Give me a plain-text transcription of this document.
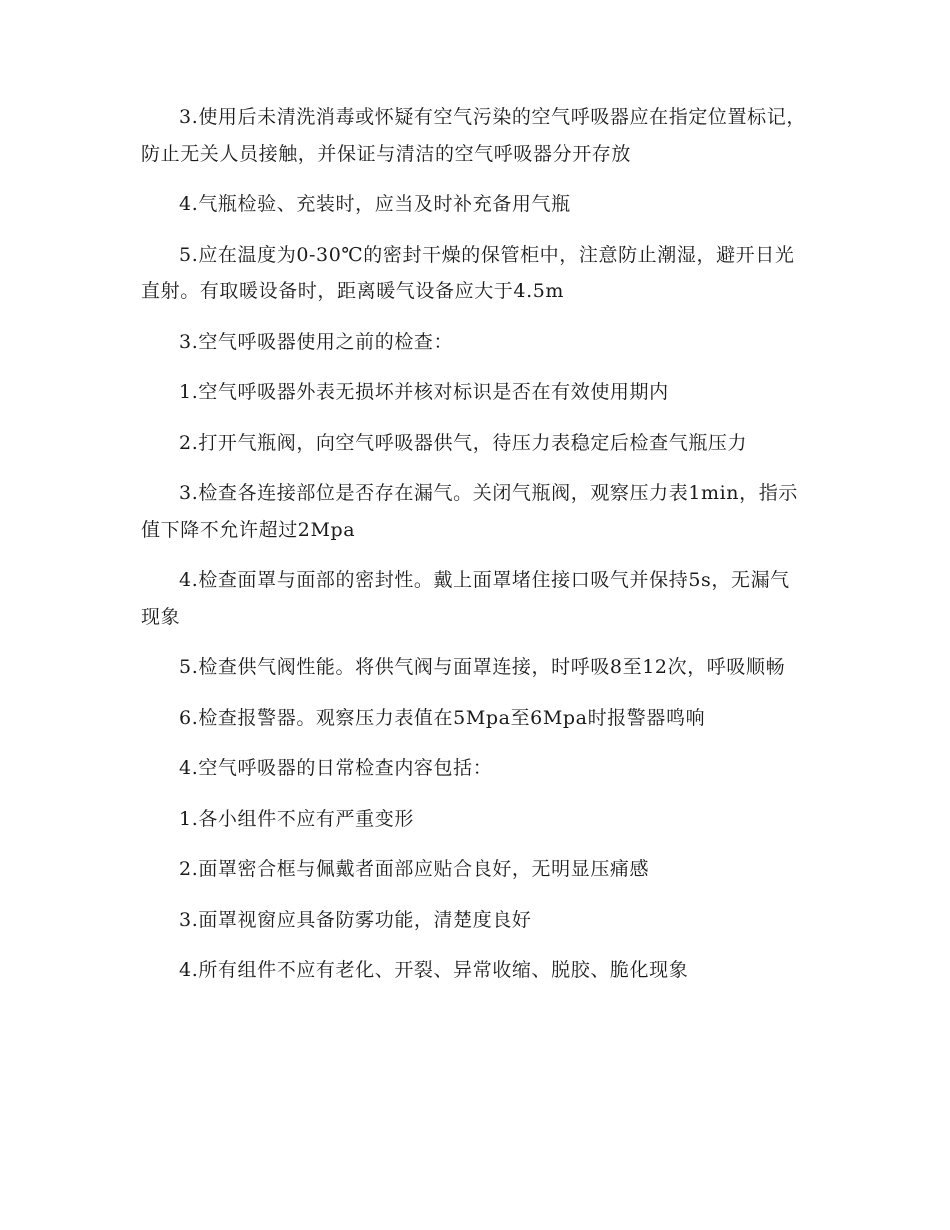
3.使用后未清洗消毒或怀疑有空气污染的空气呼吸器应在指定位置标记，防止无关人员接触，并保证与清洁的空气呼吸器分开存放

4.气瓶检验、充装时，应当及时补充备用气瓶

5.应在温度为0-30℃的密封干燥的保管柜中，注意防止潮湿，避开日光直射。有取暖设备时，距离暖气设备应大于4.5m

3.空气呼吸器使用之前的检查：

1.空气呼吸器外表无损坏并核对标识是否在有效使用期内

2.打开气瓶阀，向空气呼吸器供气，待压力表稳定后检查气瓶压力

3.检查各连接部位是否存在漏气。关闭气瓶阀，观察压力表1min，指示值下降不允许超过2Mpa

4.检查面罩与面部的密封性。戴上面罩堵住接口吸气并保持5s，无漏气现象

5.检查供气阀性能。将供气阀与面罩连接，时呼吸8至12次，呼吸顺畅

6.检查报警器。观察压力表值在5Mpa至6Mpa时报警器鸣响

4.空气呼吸器的日常检查内容包括：

1.各小组件不应有严重变形

2.面罩密合框与佩戴者面部应贴合良好，无明显压痛感

3.面罩视窗应具备防雾功能，清楚度良好

4.所有组件不应有老化、开裂、异常收缩、脱胶、脆化现象
